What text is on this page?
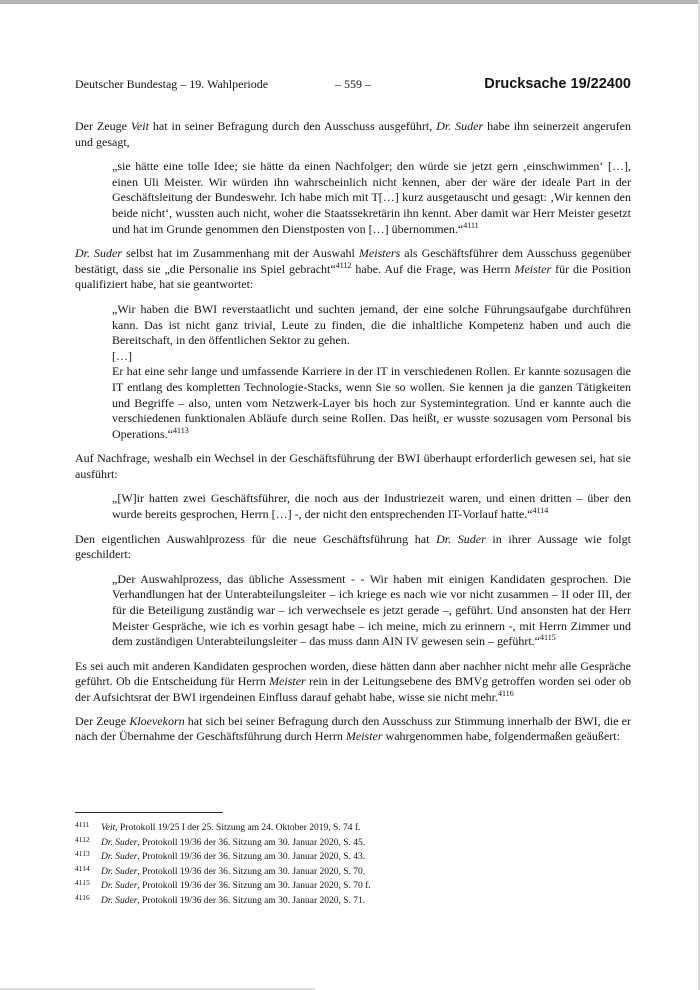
Deutscher Bundestag – 19. Wahlperiode	– 559 –	Drucksache 19/22400

Der Zeuge Veit hat in seiner Befragung durch den Ausschuss ausgeführt, Dr. Suder habe ihn seinerzeit angerufen und gesagt,

„sie hätte eine tolle Idee; sie hätte da einen Nachfolger; den würde sie jetzt gern ‚einschwimmen‘ […], einen Uli Meister. Wir würden ihn wahrscheinlich nicht kennen, aber der wäre der ideale Part in der Geschäftsleitung der Bundeswehr. Ich habe mich mit T[…] kurz ausgetauscht und gesagt: ‚Wir kennen den beide nicht‘, wussten auch nicht, woher die Staatssekretärin ihn kennt. Aber damit war Herr Meister gesetzt und hat im Grunde genommen den Dienstposten von […] übernommen.“$^{4111}$

Dr. Suder selbst hat im Zusammenhang mit der Auswahl Meisters als Geschäftsführer dem Ausschuss gegenüber bestätigt, dass sie „die Personalie ins Spiel gebracht“$^{4112}$ habe. Auf die Frage, was Herrn Meister für die Position qualifiziert habe, hat sie geantwortet:

„Wir haben die BWI reverstaatlicht und suchten jemand, der eine solche Führungsaufgabe durchführen kann. Das ist nicht ganz trivial, Leute zu finden, die die inhaltliche Kompetenz haben und auch die Bereitschaft, in den öffentlichen Sektor zu gehen.

[…]

Er hat eine sehr lange und umfassende Karriere in der IT in verschiedenen Rollen. Er kannte sozusagen die IT entlang des kompletten Technologie-Stacks, wenn Sie so wollen. Sie kennen ja die ganzen Tätigkeiten und Begriffe – also, unten vom Netzwerk-Layer bis hoch zur Systemintegration. Und er kannte auch die verschiedenen funktionalen Abläufe durch seine Rollen. Das heißt, er wusste sozusagen vom Personal bis Operations.“$^{4113}$

Auf Nachfrage, weshalb ein Wechsel in der Geschäftsführung der BWI überhaupt erforderlich gewesen sei, hat sie ausführt:

„[W]ir hatten zwei Geschäftsführer, die noch aus der Industriezeit waren, und einen dritten – über den wurde bereits gesprochen, Herrn […] -, der nicht den entsprechenden IT-Vorlauf hatte.“$^{4114}$

Den eigentlichen Auswahlprozess für die neue Geschäftsführung hat Dr. Suder in ihrer Aussage wie folgt geschildert:

„Der Auswahlprozess, das übliche Assessment - - Wir haben mit einigen Kandidaten gesprochen. Die Verhandlungen hat der Unterabteilungsleiter – ich kriege es nach wie vor nicht zusammen – II oder III, der für die Beteiligung zuständig war – ich verwechsele es jetzt gerade –, geführt. Und ansonsten hat der Herr Meister Gespräche, wie ich es vorhin gesagt habe – ich meine, mich zu erinnern -, mit Herrn Zimmer und dem zuständigen Unterabteilungsleiter – das muss dann AIN IV gewesen sein – geführt.“$^{4115}$

Es sei auch mit anderen Kandidaten gesprochen worden, diese hätten dann aber nachher nicht mehr alle Gespräche geführt. Ob die Entscheidung für Herrn Meister rein in der Leitungsebene des BMVg getroffen worden sei oder ob der Aufsichtsrat der BWI irgendeinen Einfluss darauf gehabt habe, wisse sie nicht mehr.$^{4116}$

Der Zeuge Kloevekorn hat sich bei seiner Befragung durch den Ausschuss zur Stimmung innerhalb der BWI, die er nach der Übernahme der Geschäftsführung durch Herrn Meister wahrgenommen habe, folgendermaßen geäußert:

4111	Veit, Protokoll 19/25 I der 25. Sitzung am 24. Oktober 2019, S. 74 f.
4112	Dr. Suder, Protokoll 19/36 der 36. Sitzung am 30. Januar 2020, S. 45.
4113	Dr. Suder, Protokoll 19/36 der 36. Sitzung am 30. Januar 2020, S. 43.
4114	Dr. Suder, Protokoll 19/36 der 36. Sitzung am 30. Januar 2020, S. 70.
4115	Dr. Suder, Protokoll 19/36 der 36. Sitzung am 30. Januar 2020, S. 70 f.
4116	Dr. Suder, Protokoll 19/36 der 36. Sitzung am 30. Januar 2020, S. 71.
